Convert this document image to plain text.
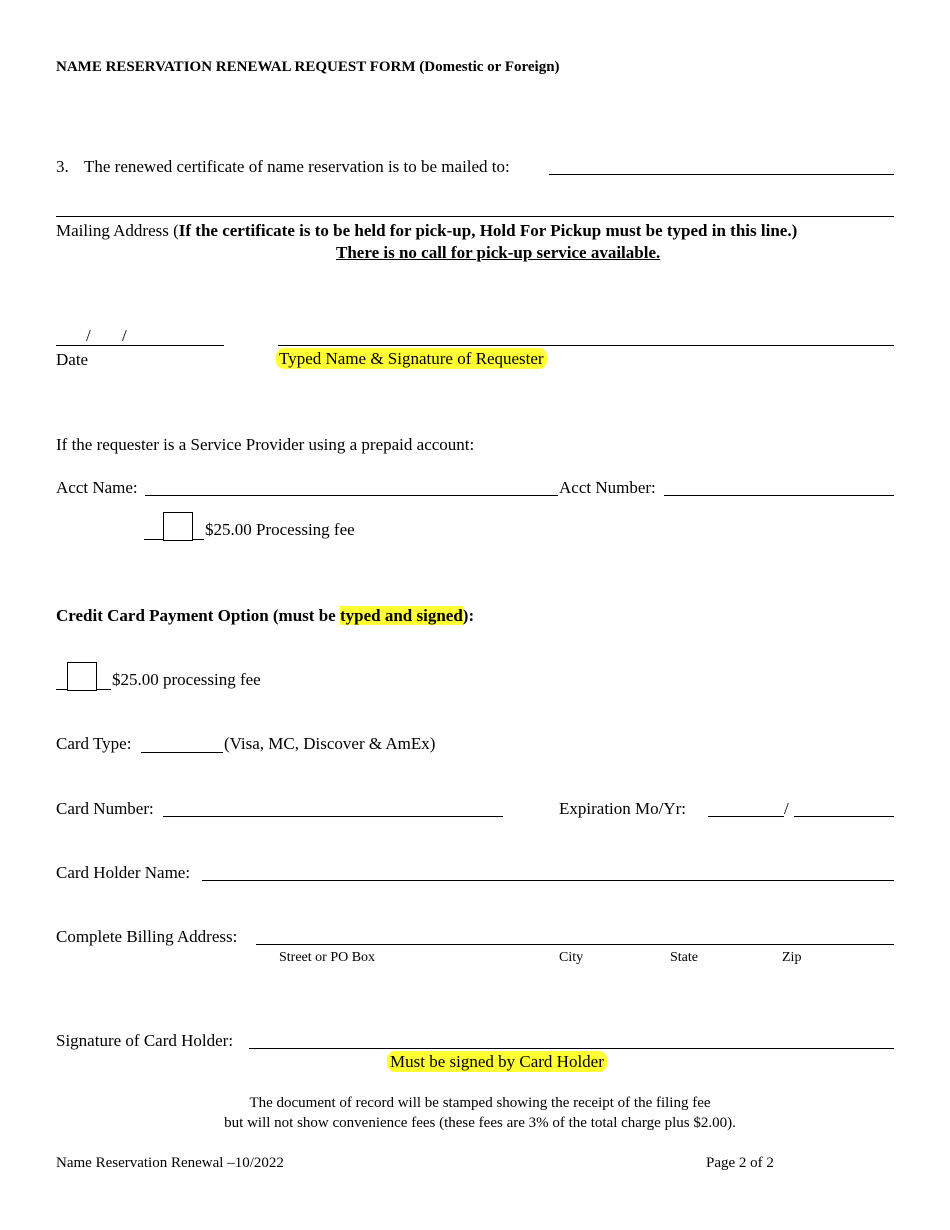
NAME RESERVATION RENEWAL REQUEST FORM (Domestic or Foreign)
3. The renewed certificate of name reservation is to be mailed to:
Mailing Address (If the certificate is to be held for pick-up, Hold For Pickup must be typed in this line.)
There is no call for pick-up service available.
/ /
Date	Typed Name & Signature of Requester
If the requester is a Service Provider using a prepaid account:
Acct Name:	Acct Number:
$25.00 Processing fee
Credit Card Payment Option (must be typed and signed):
$25.00 processing fee
Card Type:	(Visa, MC, Discover & AmEx)
Card Number:	Expiration Mo/Yr:	/
Card Holder Name:
Complete Billing Address:
Street or PO Box	City	State	Zip
Signature of Card Holder:
Must be signed by Card Holder
The document of record will be stamped showing the receipt of the filing fee
but will not show convenience fees (these fees are 3% of the total charge plus $2.00).
Name Reservation Renewal –10/2022	Page 2 of 2
